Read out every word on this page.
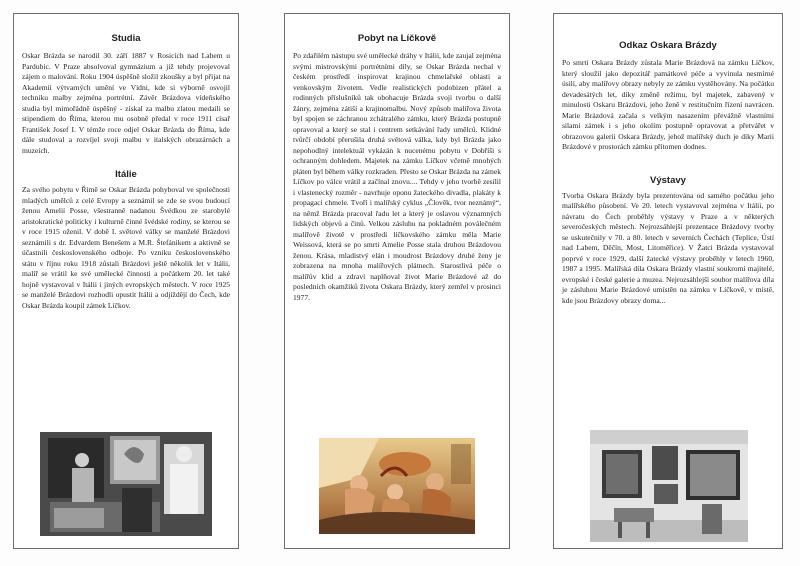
Studia

Oskar Brázda se narodil 30. září 1887 v Rosicích nad Labem u Pardubic. V Praze absolvoval gymnázium a již tehdy projevoval zájem o malování. Roku 1904 úspěšně složil zkoušky a byl přijat na Akademii výtvarných umění ve Vídni, kde si výborně osvojil techniku malby zejména portrétní. Závěr Brázdova vídeňského studia byl mimořádně úspěšný - získal za malbu zlatou medaili se stipendiem do Říma, kterou mu osobně předal v roce 1911 císař František Josef I. V témže roce odjel Oskar Brázda do Říma, kde dále studoval a rozvíjel svoji malbu v italských obrazárnách a muzeích.

Itálie

Za svého pobytu v Římě se Oskar Brázda pohyboval ve společnosti mladých umělců z celé Evropy a seznámil se zde se svou budoucí ženou Amelií Posse, všestranně nadanou Švédkou ze starobylé aristokratické politicky i kulturně činné švédské rodiny, se kterou se v roce 1915 oženil. V době I. světové války se manželé Brázdovi seznámili s dr. Edvardem Benešem a M.R. Štefánikem a aktivně se účastnili československého odboje. Po vzniku československého státu v říjnu roku 1918 zůstali Brázdovi ještě několik let v Itálii, malíř se vrátil ke své umělecké činnosti a počátkem 20. let také hojně vystavoval v Itálii i jiných evropských městech. V roce 1925 se manželé Brázdovi rozhodli opustit Itálii a odjíždějí do Čech, kde Oskar Brázda koupil zámek Líčkov.

Pobyt na Líčkově

Po zdařilém nástupu své umělecké dráhy v Itálii, kde zaujal zejména svými mistrovskými portrétními díly, se Oskar Brázda nechal v českém prostředí inspirovat krajinou chmelařské oblasti a venkovským životem. Vedle realistických podobizen přátel a rodinných příslušníků tak obohacuje Brázda svoji tvorbu o další žánry, zejména zátiší a krajinomalbu. Nový způsob malířova života byl spojen se záchranou zchátralého zámku, který Brázda postupně opravoval a který se stal i centrem setkávání řady umělců. Klidné tvůrčí období přerušila druhá světová válka, kdy byl Brázda jako nepohodlný intelektuál vykázán k nucenému pobytu v Dobříši s ochranným dohledem. Majetek na zámku Líčkov včetně mnohých pláten byl během války rozkraden. Přesto se Oskar Brázda na zámek Líčkov po válce vrátil a začínal znovu.... Tehdy v jeho tvorbě zesílil i vlastenecký rozměr - navrhuje oponu žateckého divadla, plakáty k propagaci chmele. Tvoří i malířský cyklus „Člověk, tvor neznámý“, na němž Brázda pracoval řadu let a který je oslavou významných lidských objevů a činů. Velkou zásluhu na pokladném poválečném malířově životě v prostředí líčkovského zámku měla Marie Weissová, která se po smrti Amelie Posse stala druhou Brázdovou ženou. Krása, mladistvý elán i moudrost Brázdovy druhé ženy je zobrazena na mnoha malířových plátnech. Starostlivá péče o malířův klid a zdraví naplňoval život Marie Brázdové až do posledních okamžiků života Oskara Brázdy, který zemřel v prosinci 1977.

Odkaz Oskara Brázdy

Po smrti Oskara Brázdy zůstala Marie Brázdová na zámku Líčkov, který sloužil jako depozitář památkové péče a vyvinula nesmírné úsilí, aby malířovy obrazy nebyly ze zámku vystěhovány. Na počátku devadesátých let, díky změně režimu, byl majetek, zabavený v minulosti Oskaru Brázdovi, jeho ženě v restitučním řízení navrácen. Marie Brázdová začala s velkým nasazením převážně vlastními silami zámek i s jeho okolím postupně opravovat a přetvářet v obrazovou galerii Oskara Brázdy, jehož malířský duch je díky Marii Brázdové v prostorách zámku přítomen dodnes.

Výstavy

Tvorba Oskara Brázdy byla prezentována od samého počátku jeho malířského působení. Ve 20. letech vystavoval zejména v Itálii, po návratu do Čech proběhly výstavy v Praze a v některých severočeských městech. Nejrozsáhlejší prezentace Brázdovy tvorby se uskutečnily v 70. a 80. letech v severních Čechách (Teplice, Ústí nad Labem, Děčín, Most, Litoměřice). V Žatci Brázda vystavoval poprvé v roce 1929, další žatecké výstavy proběhly v letech 1960, 1987 a 1995. Malířská díla Oskara Brázdy vlastní soukromí majitelé, evropské i české galerie a muzea. Nejrozsáhlejší soubor malířova díla je zásluhou Marie Brázdové umístěn na zámku v Líčkově, v místě, kde jsou Brázdovy obrazy doma...
